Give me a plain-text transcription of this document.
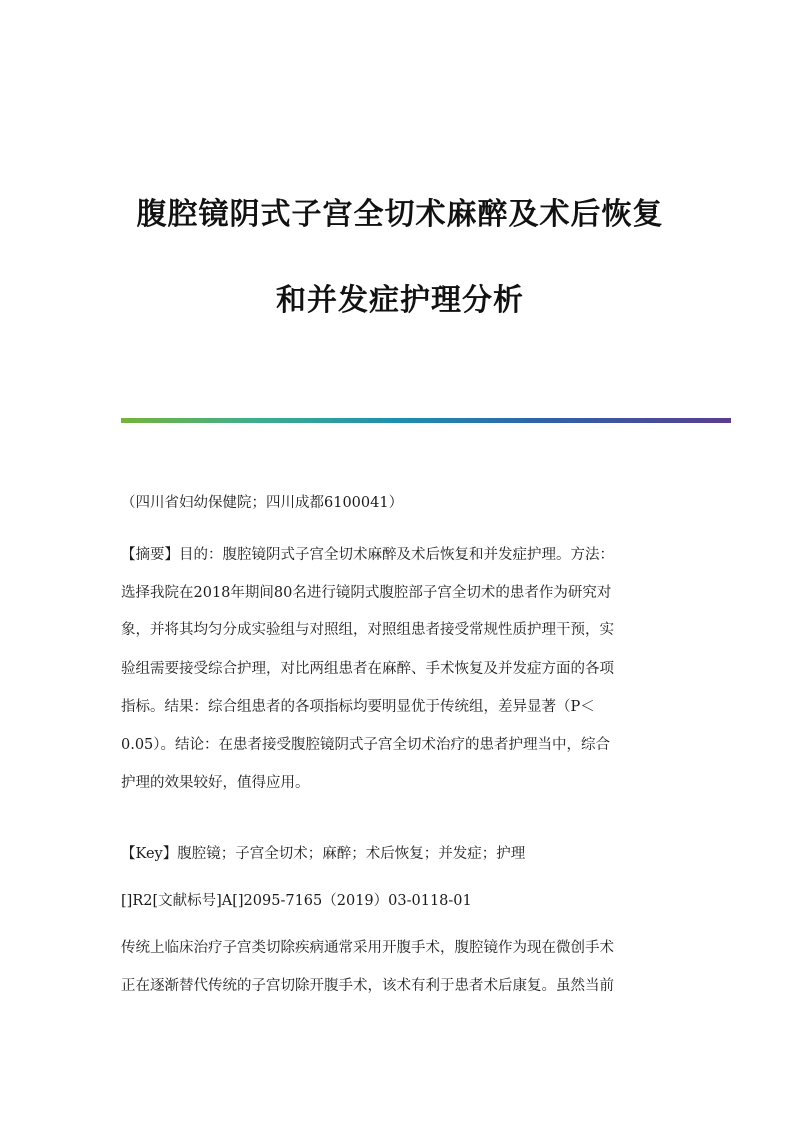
腹腔镜阴式子宫全切术麻醉及术后恢复
和并发症护理分析
（四川省妇幼保健院；四川成都6100041）
【摘要】目的：腹腔镜阴式子宫全切术麻醉及术后恢复和并发症护理。方法：
选择我院在2018年期间80名进行镜阴式腹腔部子宫全切术的患者作为研究对
象，并将其均匀分成实验组与对照组，对照组患者接受常规性质护理干预，实
验组需要接受综合护理，对比两组患者在麻醉、手术恢复及并发症方面的各项
指标。结果：综合组患者的各项指标均要明显优于传统组，差异显著（P＜
0.05）。结论：在患者接受腹腔镜阴式子宫全切术治疗的患者护理当中，综合
护理的效果较好，值得应用。
【Key】腹腔镜；子宫全切术；麻醉；术后恢复；并发症；护理
[]R2[文献标号]A[]2095-7165（2019）03-0118-01
传统上临床治疗子宫类切除疾病通常采用开腹手术，腹腔镜作为现在微创手术
正在逐渐替代传统的子宫切除开腹手术，该术有利于患者术后康复。虽然当前
